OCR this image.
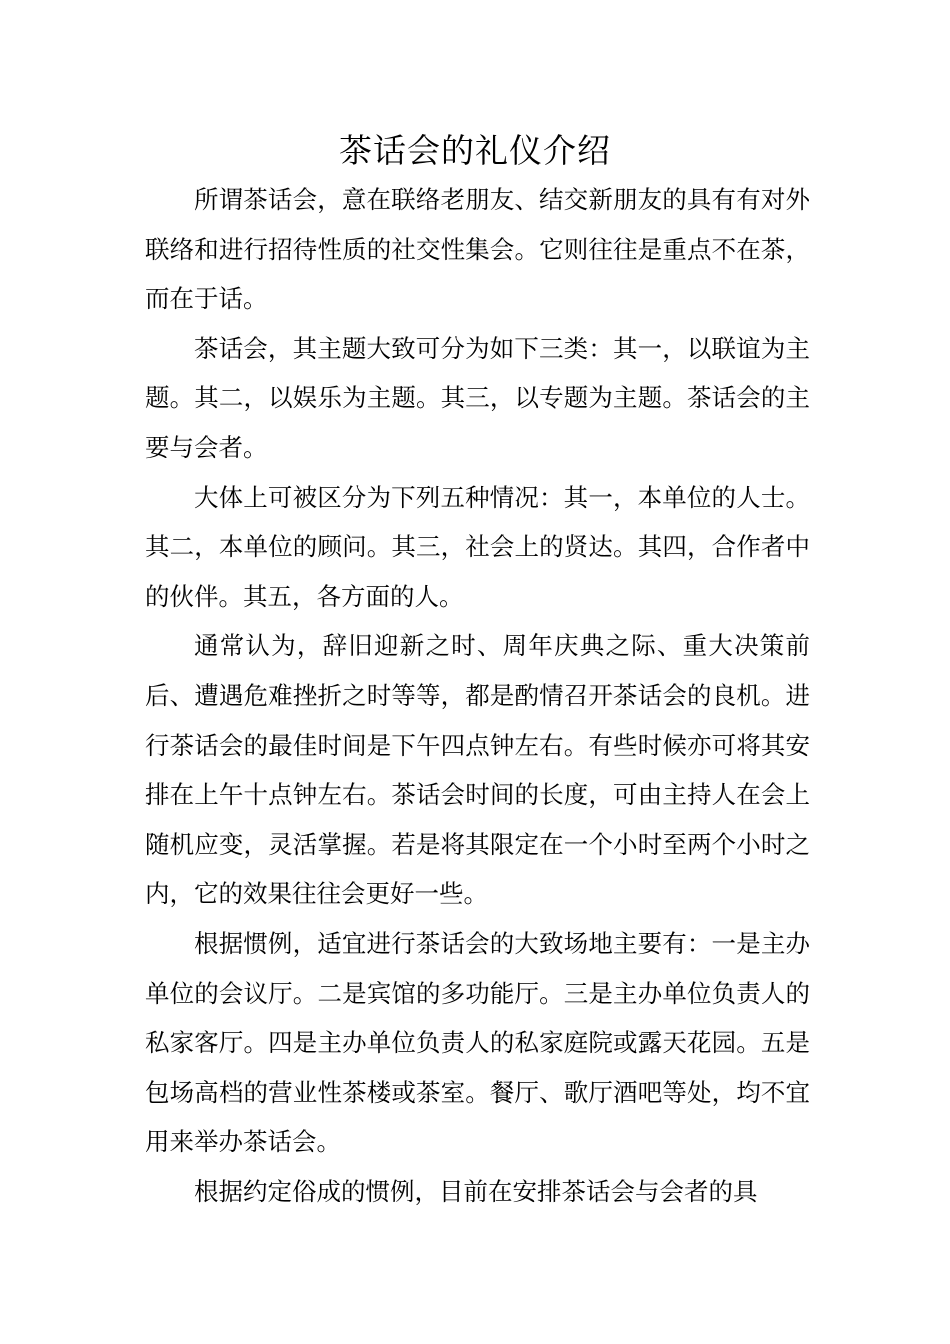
茶话会的礼仪介绍

所谓茶话会，意在联络老朋友、结交新朋友的具有有对外联络和进行招待性质的社交性集会。它则往往是重点不在茶，而在于话。

茶话会，其主题大致可分为如下三类：其一，以联谊为主题。其二，以娱乐为主题。其三，以专题为主题。茶话会的主要与会者。

大体上可被区分为下列五种情况：其一，本单位的人士。其二，本单位的顾问。其三，社会上的贤达。其四，合作者中的伙伴。其五，各方面的人。

通常认为，辞旧迎新之时、周年庆典之际、重大决策前后、遭遇危难挫折之时等等，都是酌情召开茶话会的良机。进行茶话会的最佳时间是下午四点钟左右。有些时候亦可将其安排在上午十点钟左右。茶话会时间的长度，可由主持人在会上随机应变，灵活掌握。若是将其限定在一个小时至两个小时之内，它的效果往往会更好一些。

根据惯例，适宜进行茶话会的大致场地主要有：一是主办单位的会议厅。二是宾馆的多功能厅。三是主办单位负责人的私家客厅。四是主办单位负责人的私家庭院或露天花园。五是包场高档的营业性茶楼或茶室。餐厅、歌厅酒吧等处，均不宜用来举办茶话会。

根据约定俗成的惯例，目前在安排茶话会与会者的具
